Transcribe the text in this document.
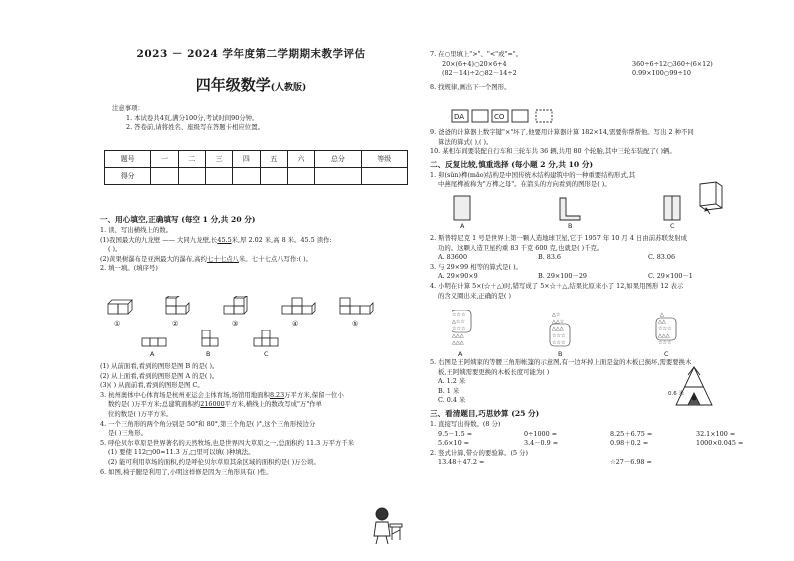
2023 － 2024 学年度第二学期期末教学评估
四年级数学(人教版)
注意事项：
1. 本试卷共4页,满分100分,考试时间90分钟。
2. 答卷前,请将姓名、座级写在答题卡相应位置。
题号	一	二	三	四	五	六	总分	等级
得分								
一、用心填空,正确填写 (每空 1 分,共 20 分)
1. 读、写出横线上的数。
(1)我国最大的九龙壁 —— 大同九龙壁,长45.5米,厚 2.02 米,高 8 米。45.5 读作:
( )。
(2)黄果树瀑布是亚洲最大的瀑布,高约七十七点八米。七十七点八写作:( )。
2. 填一填。(填序号)
①	②	③	④	⑤
A	B	C
(1) 从前面看,看到的图形是图 B 的是( )。
(2) 从上面看,看到的图形是图 A 的是( )。
(3)( ) 从面前看,看到的图形是图 C。
3. 杭州奥体中心体育场是杭州亚运会主体育场,场馆用地面积8.23万平方米,保留一位小
数约是( )万平方米;总建筑面积约216000平方米,横线上的数改写成"万"作单
位的数是( )万平方米。
4. 一个三角形的两个角分别是 50°和 80°,第三个角是( )°,这个三角形按边分
是( )三角形。
5. 呼伦贝尔草原是世界著名的天然牧场,也是世界四大草原之一,总面积约 11.3 万平方千米
(1) 要使 112□00≈11.3 万,□里可以填( )种填法。
(2) 能可利用草场的面积,约是呼伦贝尔草原其余区域的面积约是( )万公顷。
6. 如图,椅子腿是利用了,小明这样修是因为三角形具有( )性。
7. 在○里填上">"、"<"或"="。
20×(6+4)○20×6+4	360÷6÷12○360÷(6×12)
(82－14)÷2○82－14÷2	0.99×100○99÷10
8. 找规律,画出下一个图形。
DA	CO
9. 爸爸的计算器上数字键"×"坏了,他要用计算器计算 182×14,需要你帮帮他。写出 2 种不同
算法的算式( ),( )。
10. 某相车间要装配自行车和三轮车共 36 辆,共用 80 个轮胎,其中三轮车装配了( )辆。
二、反复比较,慎重选择 (每小题 2 分,共 10 分)
1. 卯(sǔn)榫(mǎo)结构是中国传统木结构建筑中的一种重要结构形式,其
中燕尾榫被称为"万榫之母"。在箭头的方向看到的图形是( )。
A	B	C
2. 斯普特尼克 1 号是世界上第一颗人造地球卫星,它于 1957 年 10 月 4 日由前苏联发射成
功的。这颗人造卫星约重 83 千克 600 克,也就是( )千克。
A. 83600	B. 83.6	C. 83.06
3. 与 29×99 相等的算式是( )。
A. 29×90×9	B. 29×100－29	C. 29×100－1
4. 小明在计算 5×(☆＋△)时,错写成了 5×☆＋△,结果比原来小了 12,如果用图形 12 表示
的含义圈出来,正确的是( )
☆☆☆
△☆☆
☆☆☆
△△△
△△△
△☆
△△☆
△△△
☆☆☆
☆☆☆
△
△△
☆☆☆
△△△
☆☆☆
A	B	C
5. 右图是王阿姨家的等腰三角形帐篷的示意图,有一边坏掉上面是盆的木板已损坏,需要要换木
板,王阿姨需要更换的木板长度可能为( )
A. 1.2 米
B. 1 米
C. 0.4 米
三、看清题目,巧思妙算 (25 分)
1. 直接写出得数。(8 分)
9.5－1.5 =	0÷1000 =	8.25＋6.75 =	32.1×100 =
5.6×10 =	3.4－0.9 =	0.98＋0.2 =	1000×0.045 =
2. 竖式计算,带☆的要验算。(5 分)
13.48＋47.2 =	☆27－6.98 =
0.6 米
